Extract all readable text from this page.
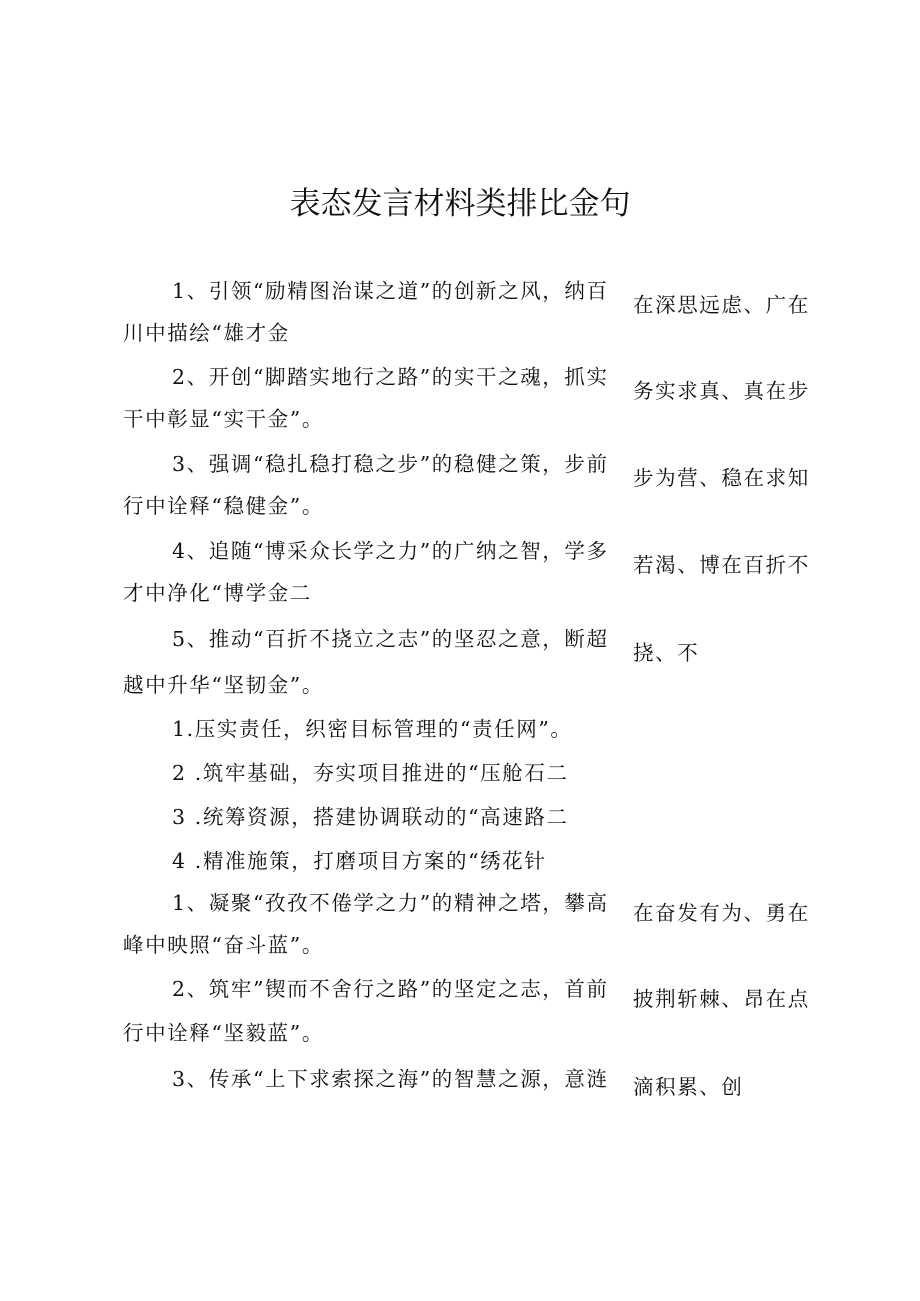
表态发言材料类排比金句
1、引领“励精图治谋之道”的创新之风，纳百
在深思远虑、广在
川中描绘“雄才金
2、开创“脚踏实地行之路”的实干之魂，抓实
务实求真、真在步
干中彰显“实干金”。
3、强调“稳扎稳打稳之步”的稳健之策，步前
步为营、稳在求知
行中诠释“稳健金”。
4、追随“博采众长学之力”的广纳之智，学多
若渴、博在百折不
才中净化“博学金二
5、推动“百折不挠立之志”的坚忍之意，断超
挠、不
越中升华“坚韧金”。
1.压实责任，织密目标管理的“责任网”。
2 .筑牢基础，夯实项目推进的“压舱石二
3 .统筹资源，搭建协调联动的“高速路二
4 .精准施策，打磨项目方案的“绣花针
1、凝聚“孜孜不倦学之力”的精神之塔，攀高 在奋发有为、勇在
峰中映照“奋斗蓝”。
2、筑牢”锲而不舍行之路”的坚定之志，首前 披荆斩棘、昂在点
行中诠释“坚毅蓝”。
3、传承“上下求索探之海”的智慧之源，意涟 滴积累、创
